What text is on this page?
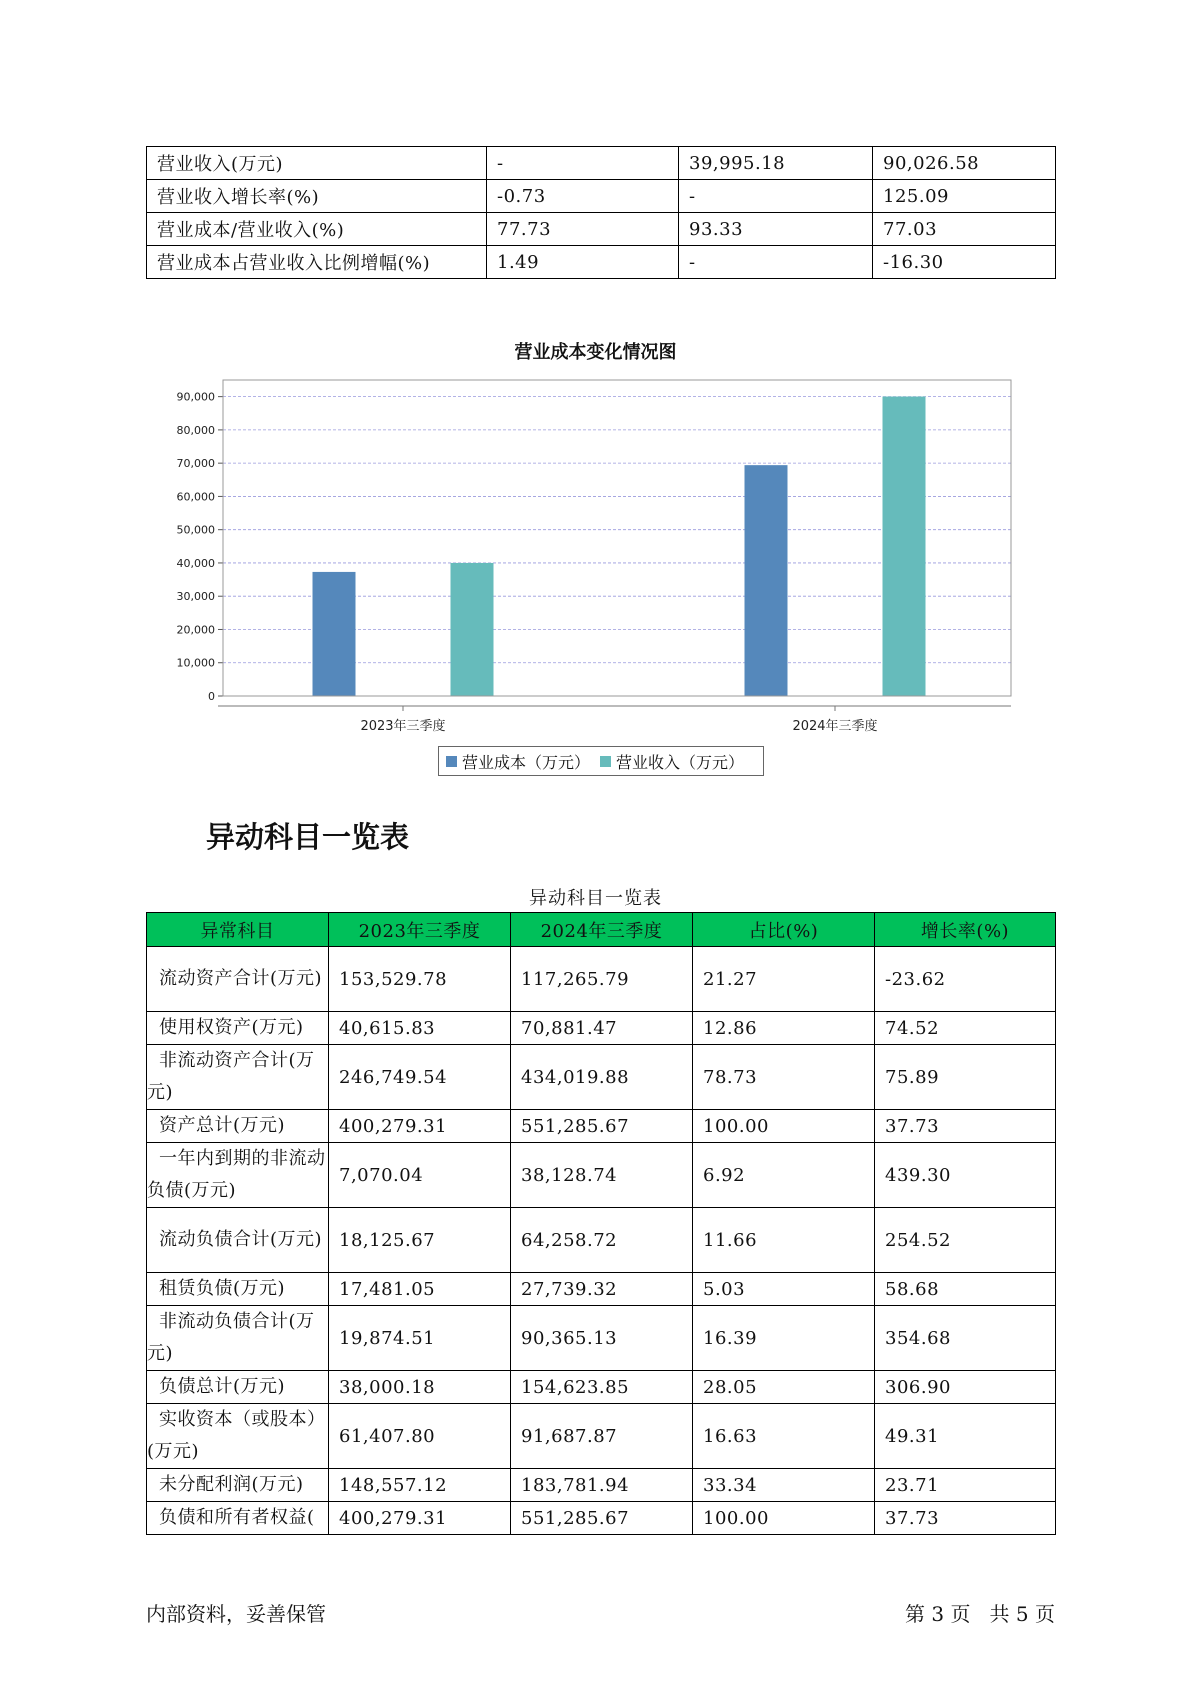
营业收入(万元)	-	39,995.18	90,026.58
营业收入增长率(%)	-0.73	-	125.09
营业成本/营业收入(%)	77.73	93.33	77.03
营业成本占营业收入比例增幅(%)	1.49	-	-16.30
营业成本变化情况图
0
10,000
20,000
30,000
40,000
50,000
60,000
70,000
80,000
90,000
2023年三季度	2024年三季度
营业成本（万元） 营业收入（万元）
异动科目一览表
异动科目一览表
异常科目	2023年三季度	2024年三季度	占比(%)	增长率(%)
流动资产合计(万元)	153,529.78	117,265.79	21.27	-23.62
使用权资产(万元)	40,615.83	70,881.47	12.86	74.52
非流动资产合计(万元)	246,749.54	434,019.88	78.73	75.89
资产总计(万元)	400,279.31	551,285.67	100.00	37.73
一年内到期的非流动负债(万元)	7,070.04	38,128.74	6.92	439.30
流动负债合计(万元)	18,125.67	64,258.72	11.66	254.52
租赁负债(万元)	17,481.05	27,739.32	5.03	58.68
非流动负债合计(万元)	19,874.51	90,365.13	16.39	354.68
负债总计(万元)	38,000.18	154,623.85	28.05	306.90
实收资本（或股本）(万元)	61,407.80	91,687.87	16.63	49.31
未分配利润(万元)	148,557.12	183,781.94	33.34	23.71
负债和所有者权益(	400,279.31	551,285.67	100.00	37.73
内部资料，妥善保管	第 3 页   共 5 页
